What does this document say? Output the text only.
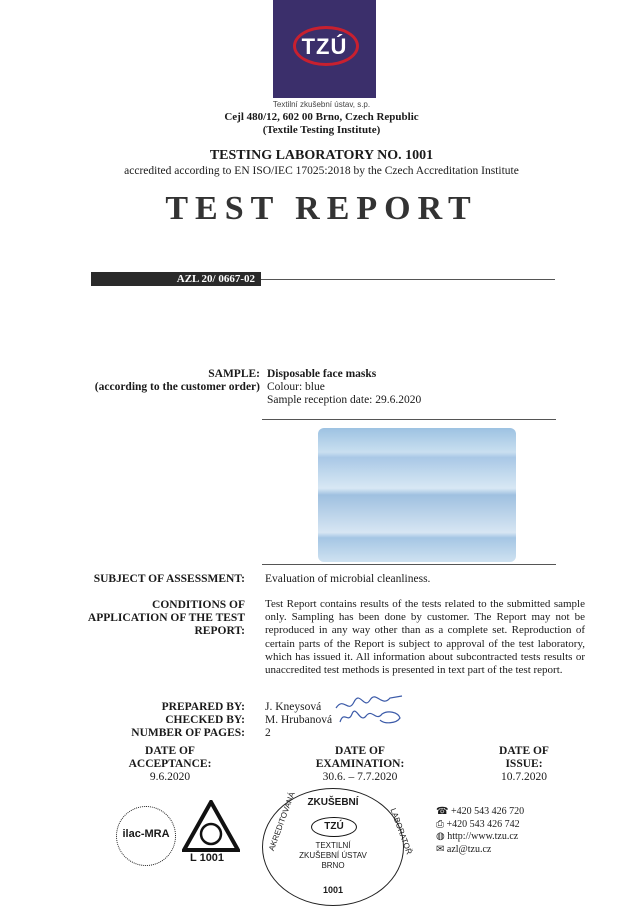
TZÚ
Textilní zkušební ústav, s.p.
Cejl 480/12, 602 00 Brno, Czech Republic
(Textile Testing Institute)
TESTING LABORATORY NO. 1001
accredited according to EN ISO/IEC 17025:2018 by the Czech Accreditation Institute
TEST REPORT
AZL 20/ 0667-02
SAMPLE:
(according to the customer order)
Disposable face masks
Colour: blue
Sample reception date: 29.6.2020
SUBJECT OF ASSESSMENT: Evaluation of microbial cleanliness.
CONDITIONS OF
APPLICATION OF THE TEST
REPORT:
Test Report contains results of the tests related to the submitted sample only. Sampling has been done by customer. The Report may not be reproduced in any way other than as a complete set. Reproduction of certain parts of the Report is subject to approval of the test laboratory, which has issued it. All information about subcontracted tests results or unaccredited test methods is presented in text part of the test report.
PREPARED BY: J. Kneysová
CHECKED BY: M. Hrubanová
NUMBER OF PAGES: 2
DATE OF
ACCEPTANCE:
9.6.2020
DATE OF
EXAMINATION:
30.6. – 7.7.2020
DATE OF
ISSUE:
10.7.2020
ilac-MRA
L 1001
ZKUŠEBNÍ
AKREDITOVANÁ	LABORATOŘ
TZÚ
TEXTILNÍ
ZKUŠEBNÍ ÚSTAV
BRNO
1001
☎ +420 543 426 720
⎙ +420 543 426 742
◍ http://www.tzu.cz
✉ azl@tzu.cz
